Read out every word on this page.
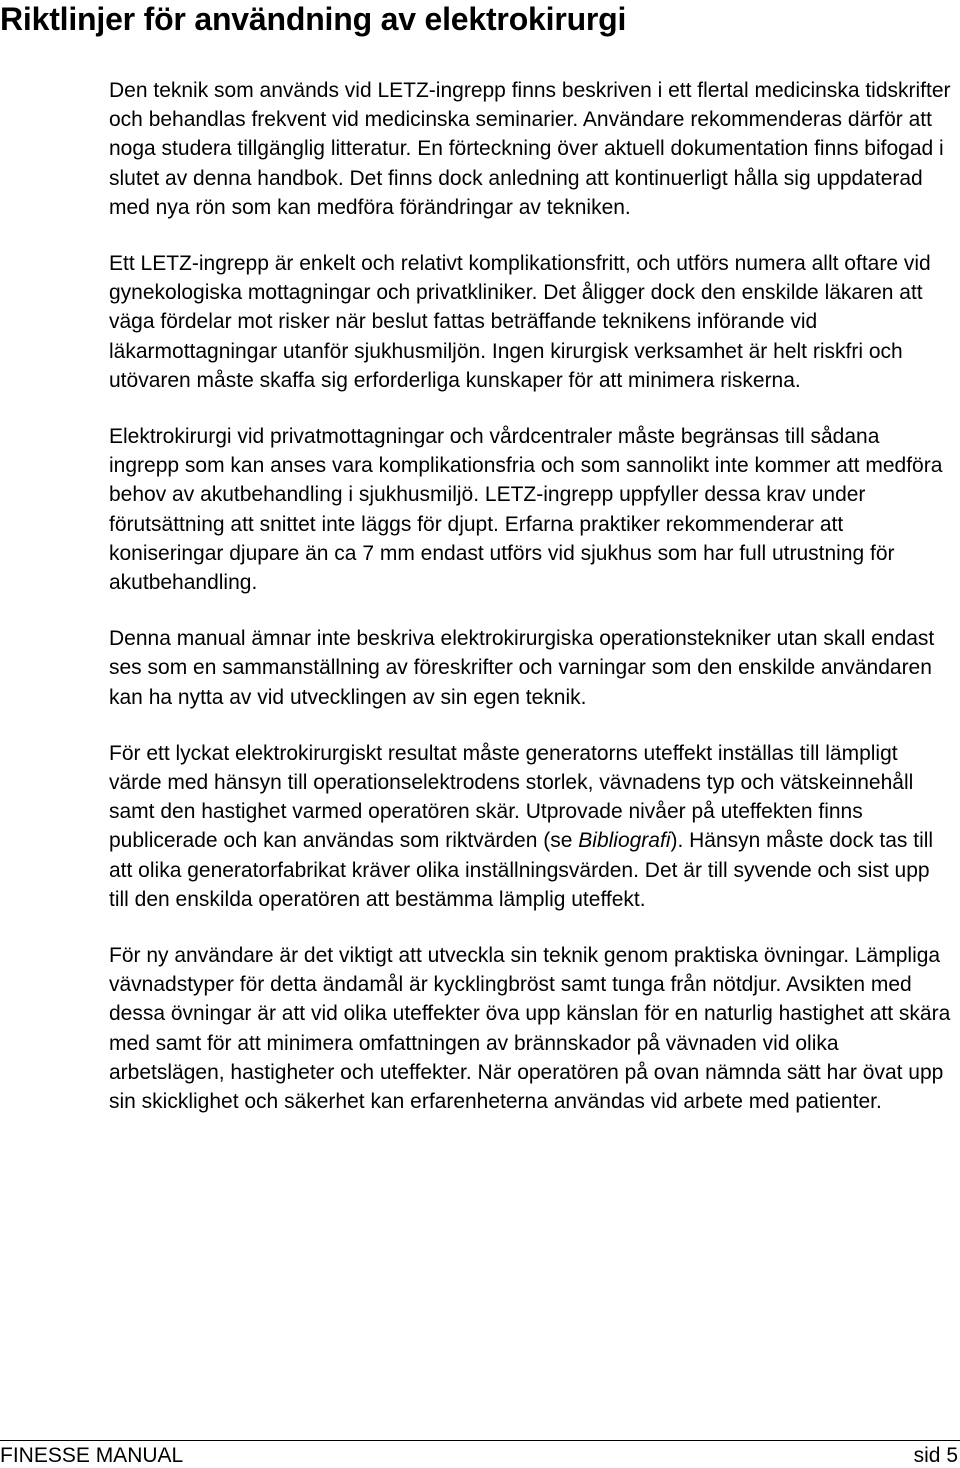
Riktlinjer för användning av elektrokirurgi

Den teknik som används vid LETZ-ingrepp finns beskriven i ett flertal medicinska tidskrifter och behandlas frekvent vid medicinska seminarier. Användare rekommenderas därför att noga studera tillgänglig litteratur. En förteckning över aktuell dokumentation finns bifogad i slutet av denna handbok. Det finns dock anledning att kontinuerligt hålla sig uppdaterad med nya rön som kan medföra förändringar av tekniken.

Ett LETZ-ingrepp är enkelt och relativt komplikationsfritt, och utförs numera allt oftare vid gynekologiska mottagningar och privatkliniker. Det åligger dock den enskilde läkaren att väga fördelar mot risker när beslut fattas beträffande teknikens införande vid läkarmottagningar utanför sjukhusmiljön. Ingen kirurgisk verksamhet är helt riskfri och utövaren måste skaffa sig erforderliga kunskaper för att minimera riskerna.

Elektrokirurgi vid privatmottagningar och vårdcentraler måste begränsas till sådana ingrepp som kan anses vara komplikationsfria och som sannolikt inte kommer att medföra behov av akutbehandling i sjukhusmiljö. LETZ-ingrepp uppfyller dessa krav under förutsättning att snittet inte läggs för djupt. Erfarna praktiker rekommenderar att koniseringar djupare än ca 7 mm endast utförs vid sjukhus som har full utrustning för akutbehandling.

Denna manual ämnar inte beskriva elektrokirurgiska operationstekniker utan skall endast ses som en sammanställning av föreskrifter och varningar som den enskilde användaren kan ha nytta av vid utvecklingen av sin egen teknik.

För ett lyckat elektrokirurgiskt resultat måste generatorns uteffekt inställas till lämpligt värde med hänsyn till operationselektrodens storlek, vävnadens typ och vätskeinnehåll samt den hastighet varmed operatören skär. Utprovade nivåer på uteffekten finns publicerade och kan användas som riktvärden (se Bibliografi). Hänsyn måste dock tas till att olika generatorfabrikat kräver olika inställningsvärden. Det är till syvende och sist upp till den enskilda operatören att bestämma lämplig uteffekt.

För ny användare är det viktigt att utveckla sin teknik genom praktiska övningar. Lämpliga vävnadstyper för detta ändamål är kycklingbröst samt tunga från nötdjur. Avsikten med dessa övningar är att vid olika uteffekter öva upp känslan för en naturlig hastighet att skära med samt för att minimera omfattningen av brännskador på vävnaden vid olika arbetslägen, hastigheter och uteffekter. När operatören på ovan nämnda sätt har övat upp sin skicklighet och säkerhet kan erfarenheterna användas vid arbete med patienter.

FINESSE MANUAL	sid 5
